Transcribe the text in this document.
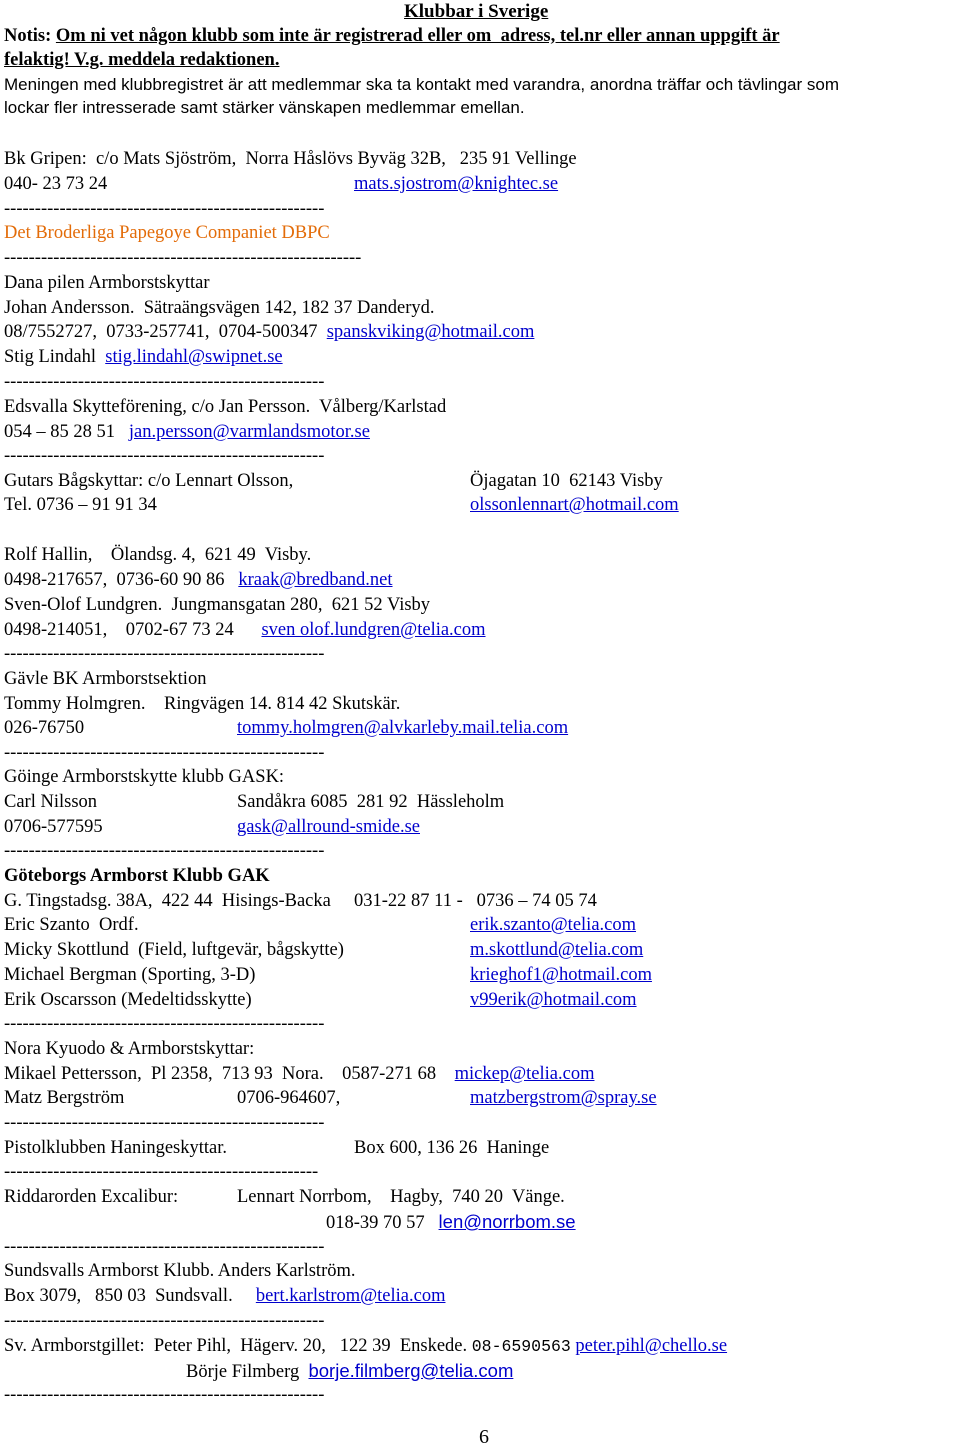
Klubbar i Sverige
Notis: Om ni vet någon klubb som inte är registrerad eller om  adress, tel.nr eller annan uppgift är
felaktig! V.g. meddela redaktionen.
Meningen med klubbregistret är att medlemmar ska ta kontakt med varandra, anordna träffar och tävlingar som
lockar fler intresserade samt stärker vänskapen medlemmar emellan.
Bk Gripen:  c/o Mats Sjöström,  Norra Håslövs Byväg 32B,   235 91 Vellinge
040- 23 73 24	mats.sjostrom@knightec.se
----------------------------------------------------
Det Broderliga Papegoye Companiet DBPC
----------------------------------------------------------
Dana pilen Armborstskyttar
Johan Andersson.  Sätraängsvägen 142, 182 37 Danderyd.
08/7552727,  0733-257741,  0704-500347  spanskviking@hotmail.com
Stig Lindahl  stig.lindahl@swipnet.se
----------------------------------------------------
Edsvalla Skytteförening, c/o Jan Persson.  Vålberg/Karlstad
054 – 85 28 51   jan.persson@varmlandsmotor.se
----------------------------------------------------
Gutars Bågskyttar: c/o Lennart Olsson,	Öjagatan 10  62143 Visby
Tel. 0736 – 91 91 34	olssonlennart@hotmail.com
Rolf Hallin,    Ölandsg. 4,  621 49  Visby.
0498-217657,  0736-60 90 86   kraak@bredband.net
Sven-Olof Lundgren.  Jungmansgatan 280,  621 52 Visby
0498-214051,    0702-67 73 24      sven olof.lundgren@telia.com
----------------------------------------------------
Gävle BK Armborstsektion
Tommy Holmgren.    Ringvägen 14. 814 42 Skutskär.
026-76750	tommy.holmgren@alvkarleby.mail.telia.com
----------------------------------------------------
Göinge Armborstskytte klubb GASK:
Carl Nilsson	Sandåkra 6085  281 92  Hässleholm
0706-577595	gask@allround-smide.se
----------------------------------------------------
Göteborgs Armborst Klubb GAK
G. Tingstadsg. 38A,  422 44  Hisings-Backa     031-22 87 11 -   0736 – 74 05 74
Eric Szanto  Ordf.	erik.szanto@telia.com
Micky Skottlund  (Field, luftgevär, bågskytte)	m.skottlund@telia.com
Michael Bergman (Sporting, 3-D)	krieghof1@hotmail.com
Erik Oscarsson (Medeltidsskytte)	v99erik@hotmail.com
----------------------------------------------------
Nora Kyuodo & Armborstskyttar:
Mikael Pettersson,  Pl 2358,  713 93  Nora.    0587-271 68    mickep@telia.com
Matz Bergström	0706-964607,	matzbergstrom@spray.se
----------------------------------------------------
Pistolklubben Haningeskyttar.	Box 600, 136 26  Haninge
---------------------------------------------------
Riddarorden Excalibur:	Lennart Norrbom,    Hagby,  740 20  Vänge.
018-39 70 57   len@norrbom.se
----------------------------------------------------
Sundsvalls Armborst Klubb. Anders Karlström.
Box 3079,   850 03  Sundsvall.     bert.karlstrom@telia.com
----------------------------------------------------
Sv. Armborstgillet:  Peter Pihl,  Hägerv. 20,   122 39  Enskede. 08-6590563 peter.pihl@chello.se
Börje Filmberg  borje.filmberg@telia.com
----------------------------------------------------
6
